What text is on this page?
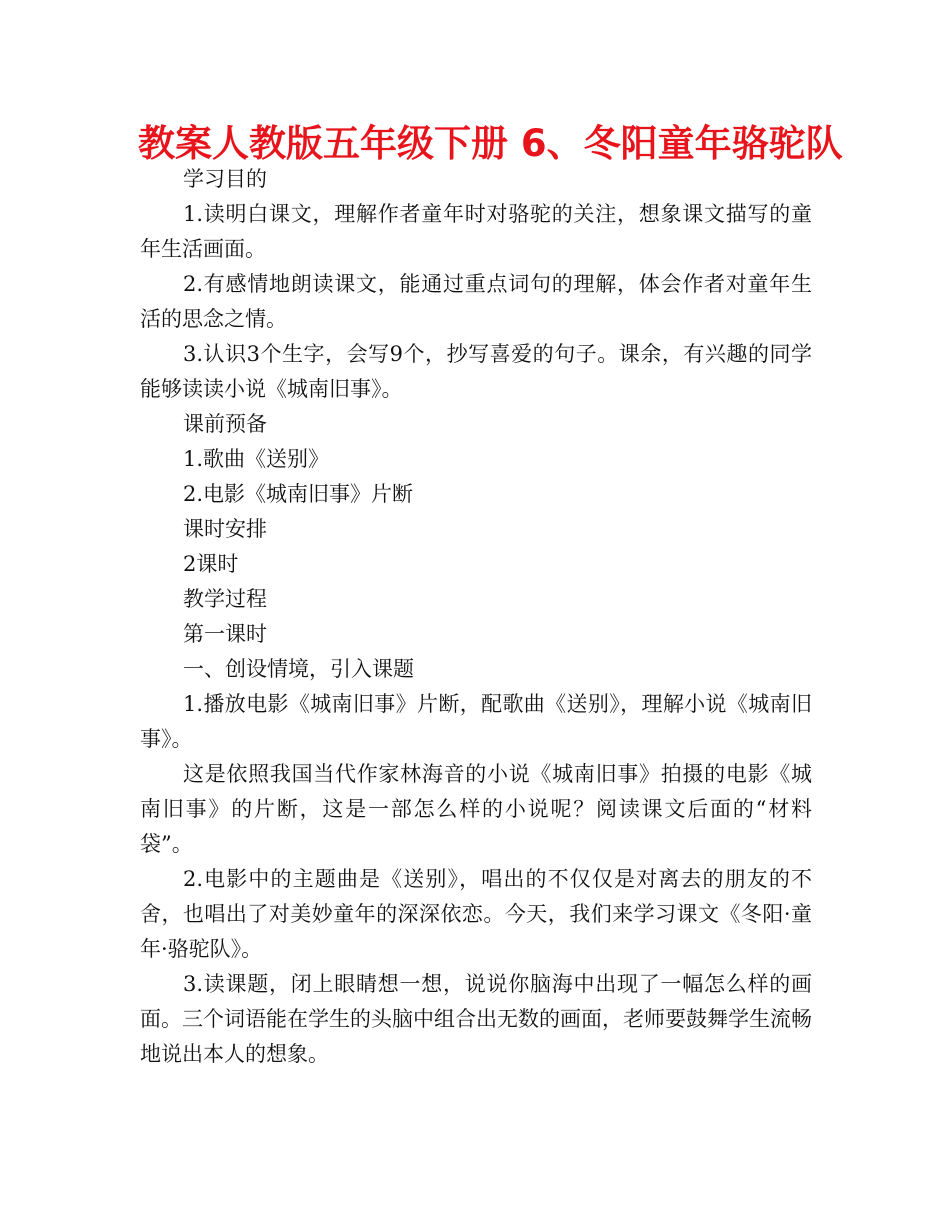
教案人教版五年级下册 6、冬阳童年骆驼队

学习目的

1.读明白课文，理解作者童年时对骆驼的关注，想象课文描写的童年生活画面。

2.有感情地朗读课文，能通过重点词句的理解，体会作者对童年生活的思念之情。

3.认识3个生字，会写9个，抄写喜爱的句子。课余，有兴趣的同学能够读读小说《城南旧事》。

课前预备

1.歌曲《送别》

2.电影《城南旧事》片断

课时安排

2课时

教学过程

第一课时

一、创设情境，引入课题

1.播放电影《城南旧事》片断，配歌曲《送别》，理解小说《城南旧事》。

这是依照我国当代作家林海音的小说《城南旧事》拍摄的电影《城南旧事》的片断，这是一部怎么样的小说呢？阅读课文后面的“材料袋”。

2.电影中的主题曲是《送别》，唱出的不仅仅是对离去的朋友的不舍，也唱出了对美妙童年的深深依恋。今天，我们来学习课文《冬阳·童年·骆驼队》。

3.读课题，闭上眼睛想一想，说说你脑海中出现了一幅怎么样的画面。三个词语能在学生的头脑中组合出无数的画面，老师要鼓舞学生流畅地说出本人的想象。
